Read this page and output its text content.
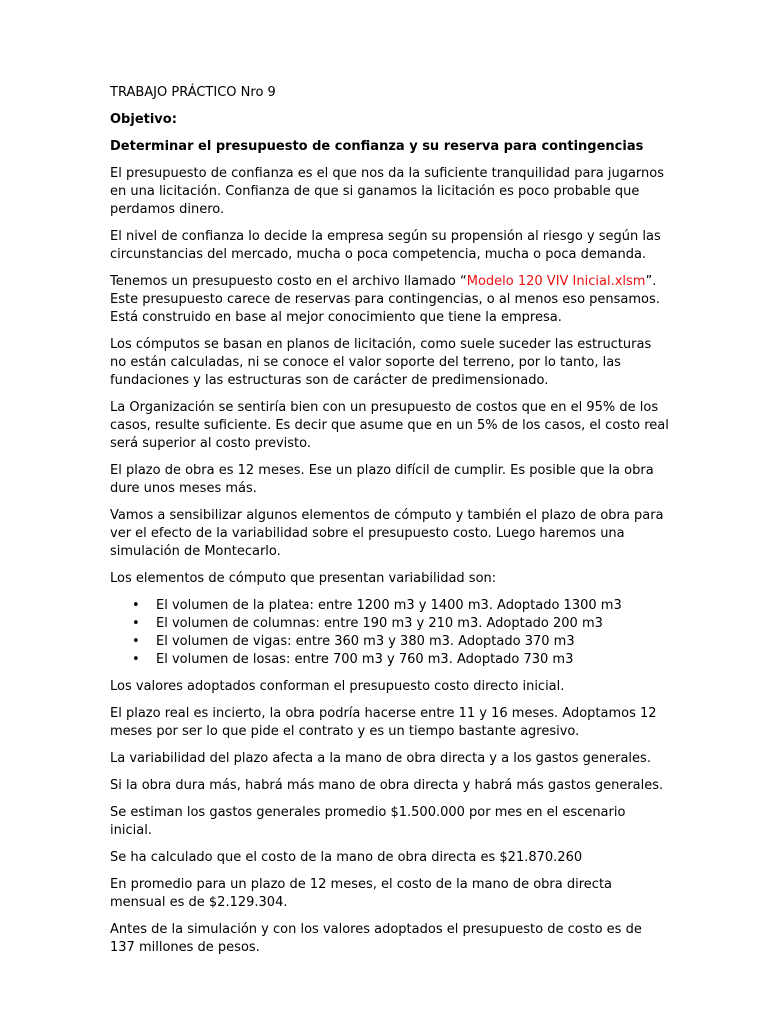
TRABAJO PRÁCTICO Nro 9

Objetivo:

Determinar el presupuesto de confianza y su reserva para contingencias

El presupuesto de confianza es el que nos da la suficiente tranquilidad para jugarnos en una licitación. Confianza de que si ganamos la licitación es poco probable que perdamos dinero.

El nivel de confianza lo decide la empresa según su propensión al riesgo y según las circunstancias del mercado, mucha o poca competencia, mucha o poca demanda.

Tenemos un presupuesto costo en el archivo llamado “Modelo 120 VIV Inicial.xlsm”. Este presupuesto carece de reservas para contingencias, o al menos eso pensamos. Está construido en base al mejor conocimiento que tiene la empresa.

Los cómputos se basan en planos de licitación, como suele suceder las estructuras no están calculadas, ni se conoce el valor soporte del terreno, por lo tanto, las fundaciones y las estructuras son de carácter de predimensionado.

La Organización se sentiría bien con un presupuesto de costos que en el 95% de los casos, resulte suficiente. Es decir que asume que en un 5% de los casos, el costo real será superior al costo previsto.

El plazo de obra es 12 meses. Ese un plazo difícil de cumplir. Es posible que la obra dure unos meses más.

Vamos a sensibilizar algunos elementos de cómputo y también el plazo de obra para ver el efecto de la variabilidad sobre el presupuesto costo. Luego haremos una simulación de Montecarlo.

Los elementos de cómputo que presentan variabilidad son:

• El volumen de la platea: entre 1200 m3 y 1400 m3. Adoptado 1300 m3
• El volumen de columnas: entre 190 m3 y 210 m3. Adoptado 200 m3
• El volumen de vigas: entre 360 m3 y 380 m3. Adoptado 370 m3
• El volumen de losas: entre 700 m3 y 760 m3. Adoptado 730 m3

Los valores adoptados conforman el presupuesto costo directo inicial.

El plazo real es incierto, la obra podría hacerse entre 11 y 16 meses. Adoptamos 12 meses por ser lo que pide el contrato y es un tiempo bastante agresivo.

La variabilidad del plazo afecta a la mano de obra directa y a los gastos generales.

Si la obra dura más, habrá más mano de obra directa y habrá más gastos generales.

Se estiman los gastos generales promedio $1.500.000 por mes en el escenario inicial.

Se ha calculado que el costo de la mano de obra directa es $21.870.260

En promedio para un plazo de 12 meses, el costo de la mano de obra directa mensual es de $2.129.304.

Antes de la simulación y con los valores adoptados el presupuesto de costo es de 137 millones de pesos.
